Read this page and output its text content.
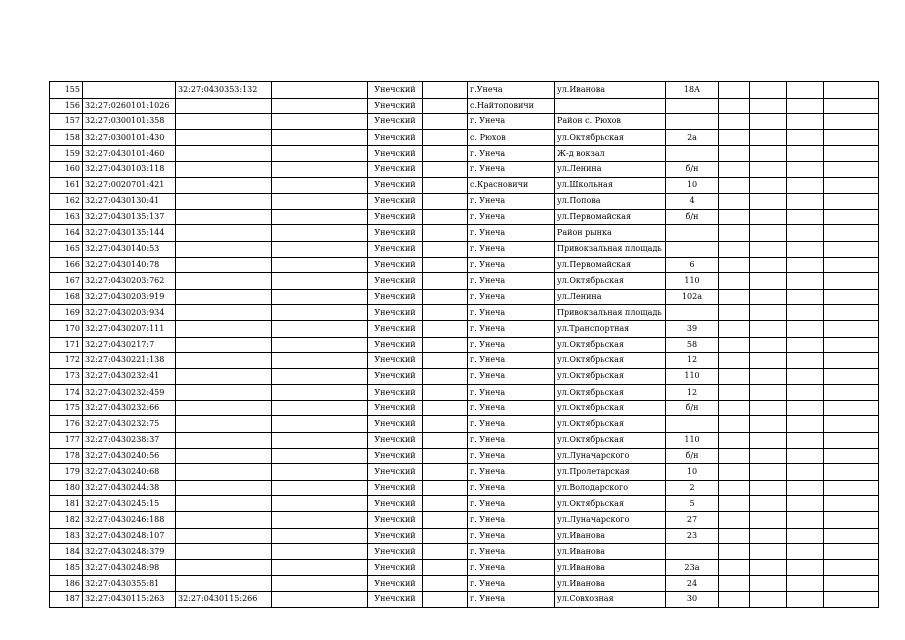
155		32:27:0430353:132		Унечский		г.Унеча	ул.Иванова	18А				
156	32:27:0260101:1026			Унечский		с.Найтоповичи						
157	32:27:0300101:358			Унечский		г. Унеча	Район с. Рюхов					
158	32:27:0300101:430			Унечский		с. Рюхов	ул.Октябрьская	2а				
159	32:27:0430101:460			Унечский		г. Унеча	Ж-д вокзал					
160	32:27:0430103:118			Унечский		г. Унеча	ул.Ленина	б/н				
161	32:27:0020701:421			Унечский		с.Красновичи	ул.Школьная	10				
162	32:27:0430130:41			Унечский		г. Унеча	ул.Попова	4				
163	32:27:0430135:137			Унечский		г. Унеча	ул.Первомайская	б/н				
164	32:27:0430135:144			Унечский		г. Унеча	Район рынка					
165	32:27:0430140:53			Унечский		г. Унеча	Привокзальная площадь					
166	32:27:0430140:78			Унечский		г. Унеча	ул.Первомайская	6				
167	32:27:0430203:762			Унечский		г. Унеча	ул.Октябрьская	110				
168	32:27:0430203:919			Унечский		г. Унеча	ул.Ленина	102а				
169	32:27:0430203:934			Унечский		г. Унеча	Привокзальная площадь					
170	32:27:0430207:111			Унечский		г. Унеча	ул.Транспортная	39				
171	32:27:0430217:7			Унечский		г. Унеча	ул.Октябрьская	58				
172	32:27:0430221:138			Унечский		г. Унеча	ул.Октябрьская	12				
173	32:27:0430232:41			Унечский		г. Унеча	ул.Октябрьская	110				
174	32:27:0430232:459			Унечский		г. Унеча	ул.Октябрьская	12				
175	32:27:0430232:66			Унечский		г. Унеча	ул.Октябрьская	б/н				
176	32:27:0430232:75			Унечский		г. Унеча	ул.Октябрьская					
177	32:27:0430238:37			Унечский		г. Унеча	ул.Октябрьская	110				
178	32:27:0430240:56			Унечский		г. Унеча	ул.Луначарского	б/н				
179	32:27:0430240:68			Унечский		г. Унеча	ул.Пролетарская	10				
180	32:27:0430244:38			Унечский		г. Унеча	ул.Володарского	2				
181	32:27:0430245:15			Унечский		г. Унеча	ул.Октябрьская	5				
182	32:27:0430246:188			Унечский		г. Унеча	ул.Луначарского	27				
183	32:27:0430248:107			Унечский		г. Унеча	ул.Иванова	23				
184	32:27:0430248:379			Унечский		г. Унеча	ул.Иванова					
185	32:27:0430248:98			Унечский		г. Унеча	ул.Иванова	23а				
186	32:27:0430355:81			Унечский		г. Унеча	ул.Иванова	24				
187	32:27:0430115:263	32:27:0430115:266		Унечский		г. Унеча	ул.Совхозная	30				
